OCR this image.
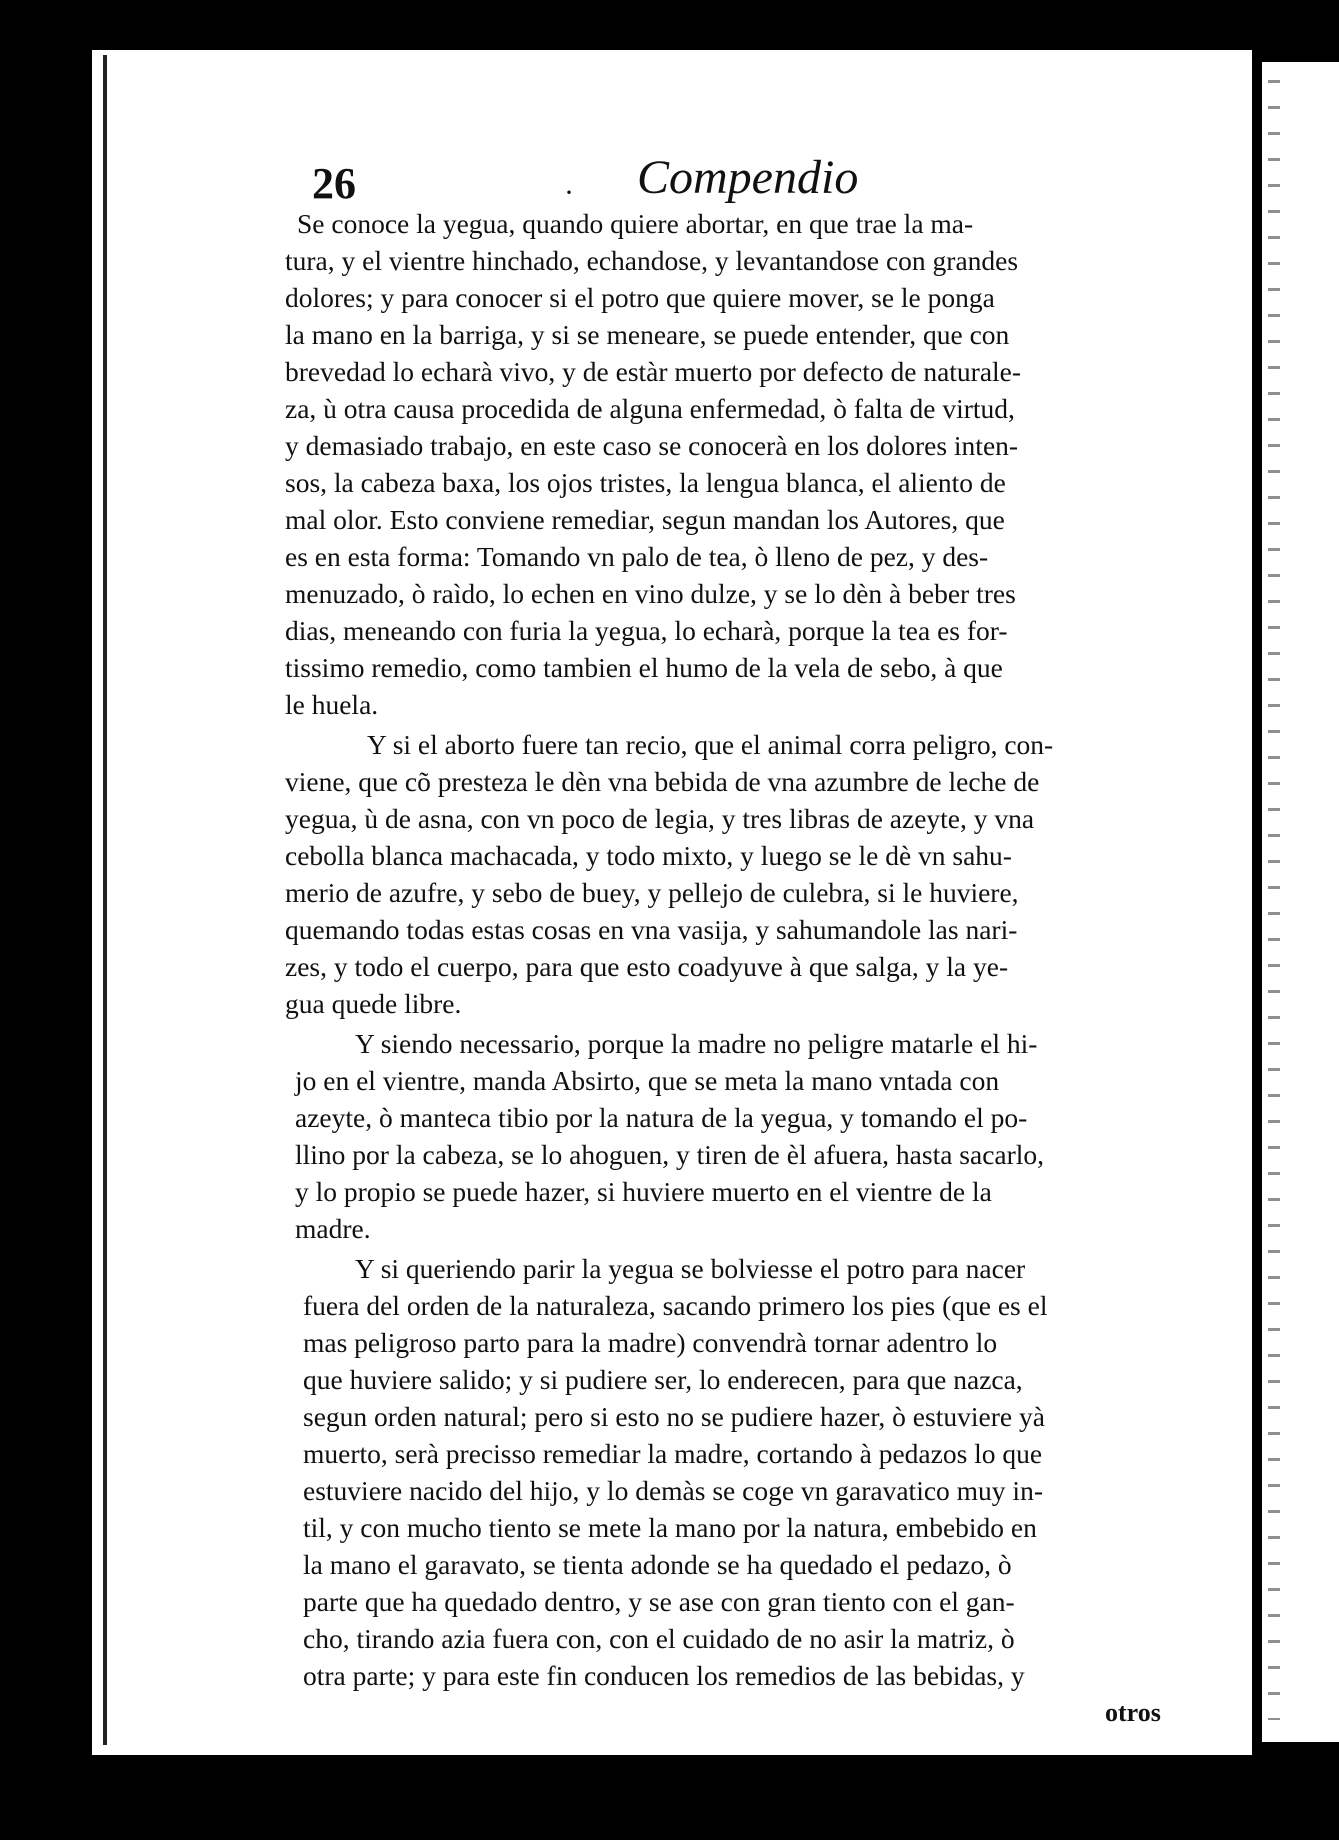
26	· Compendio
Se conoce la yegua, quando quiere abortar, en que trae la ma-
tura, y el vientre hinchado, echandose, y levantandose con grandes
dolores; y para conocer si el potro que quiere mover, se le ponga
la mano en la barriga, y si se meneare, se puede entender, que con
brevedad lo echarà vivo, y de estàr muerto por defecto de naturale-
za, ù otra causa procedida de alguna enfermedad, ò falta de virtud,
y demasiado trabajo, en este caso se conocerà en los dolores inten-
sos, la cabeza baxa, los ojos tristes, la lengua blanca, el aliento de
mal olor. Esto conviene remediar, segun mandan los Autores, que
es en esta forma: Tomando vn palo de tea, ò lleno de pez, y des-
menuzado, ò raìdo, lo echen en vino dulze, y se lo dèn à beber tres
dias, meneando con furia la yegua, lo echarà, porque la tea es for-
tissimo remedio, como tambien el humo de la vela de sebo, à que
le huela.
Y si el aborto fuere tan recio, que el animal corra peligro, con-
viene, que cõ presteza le dèn vna bebida de vna azumbre de leche de
yegua, ù de asna, con vn poco de legia, y tres libras de azeyte, y vna
cebolla blanca machacada, y todo mixto, y luego se le dè vn sahu-
merio de azufre, y sebo de buey, y pellejo de culebra, si le huviere,
quemando todas estas cosas en vna vasija, y sahumandole las nari-
zes, y todo el cuerpo, para que esto coadyuve à que salga, y la ye-
gua quede libre.
Y siendo necessario, porque la madre no peligre matarle el hi-
jo en el vientre, manda Absirto, que se meta la mano vntada con
azeyte, ò manteca tibio por la natura de la yegua, y tomando el po-
llino por la cabeza, se lo ahoguen, y tiren de èl afuera, hasta sacarlo,
y lo propio se puede hazer, si huviere muerto en el vientre de la
madre.
Y si queriendo parir la yegua se bolviesse el potro para nacer
fuera del orden de la naturaleza, sacando primero los pies (que es el
mas peligroso parto para la madre) convendrà tornar adentro lo
que huviere salido; y si pudiere ser, lo enderecen, para que nazca,
segun orden natural; pero si esto no se pudiere hazer, ò estuviere yà
muerto, serà precisso remediar la madre, cortando à pedazos lo que
estuviere nacido del hijo, y lo demàs se coge vn garavatico muy in-
til, y con mucho tiento se mete la mano por la natura, embebido en
la mano el garavato, se tienta adonde se ha quedado el pedazo, ò
parte que ha quedado dentro, y se ase con gran tiento con el gan-
cho, tirando azia fuera con, con el cuidado de no asir la matriz, ò
otra parte; y para este fin conducen los remedios de las bebidas, y
otros
